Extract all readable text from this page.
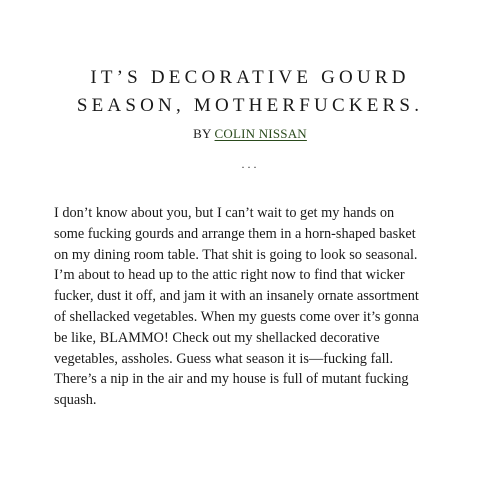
IT’S DECORATIVE GOURD
SEASON, MOTHERFUCKERS.
BY COLIN NISSAN
···

I don’t know about you, but I can’t wait to get my hands on
some fucking gourds and arrange them in a horn-shaped basket
on my dining room table. That shit is going to look so seasonal.
I’m about to head up to the attic right now to find that wicker
fucker, dust it off, and jam it with an insanely ornate assortment
of shellacked vegetables. When my guests come over it’s gonna
be like, BLAMMO! Check out my shellacked decorative
vegetables, assholes. Guess what season it is—fucking fall.
There’s a nip in the air and my house is full of mutant fucking
squash.
